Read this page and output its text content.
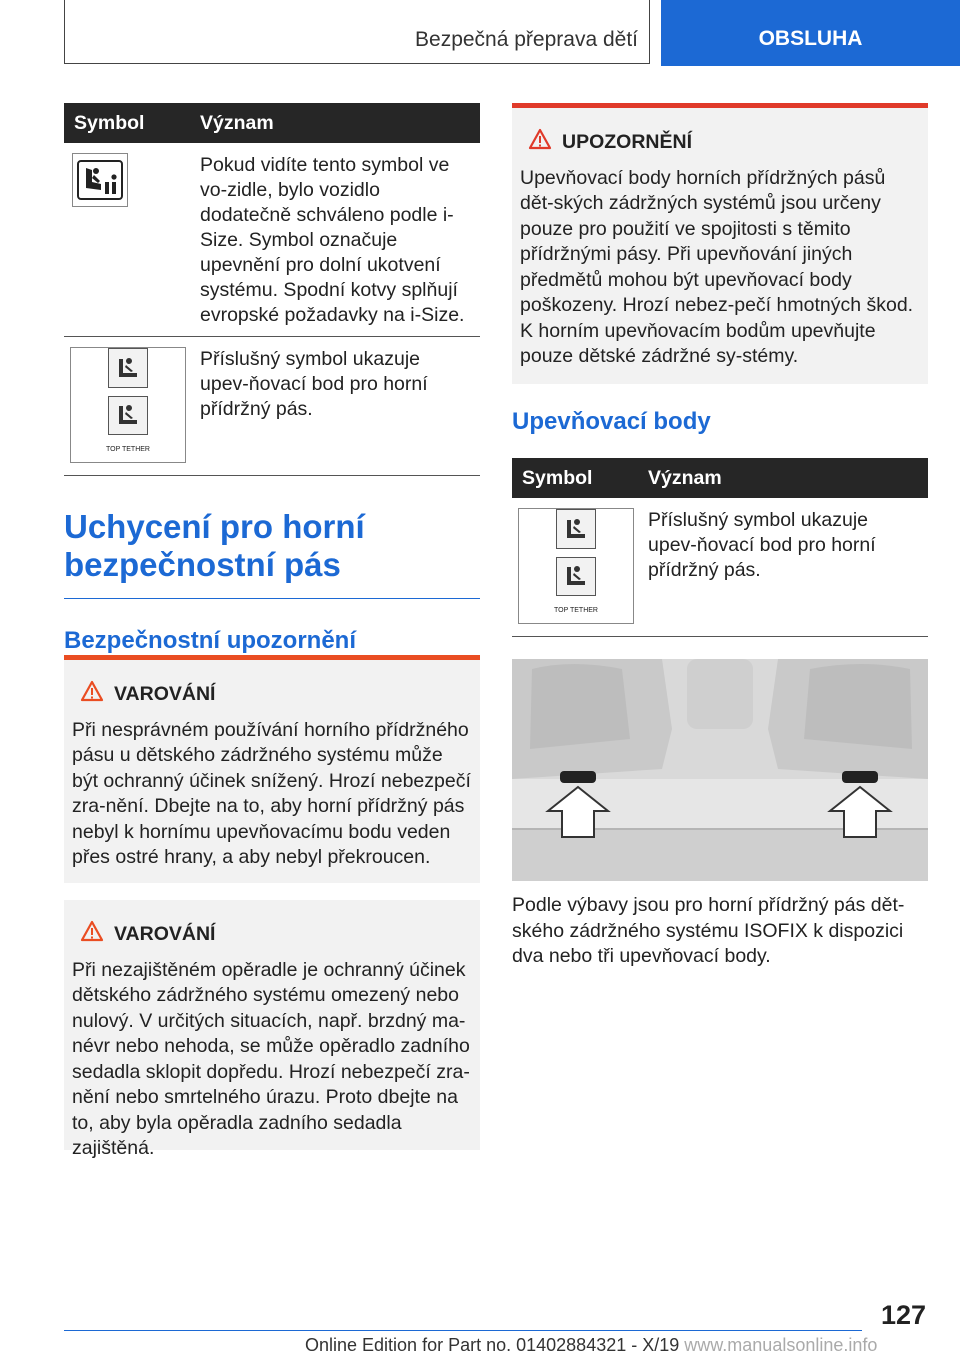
Bezpečná přeprava dětí	OBSLUHA
Symbol	Význam

	Pokud vidíte tento symbol ve vo-zidle, bylo vozidlo dodatečně schváleno podle i-Size. Symbol označuje upevnění pro dolní ukotvení systému. Spodní kotvy splňují evropské požadavky na i-Size.

TOP TETHER	Příslušný symbol ukazuje upev-ňovací bod pro horní přídržný pás.
Uchycení pro horní bezpečnostní pás
Bezpečnostní upozornění
VAROVÁNÍ
Při nesprávném používání horního přídržného pásu u dětského zádržného systému může být ochranný účinek snížený. Hrozí nebezpečí zra-nění. Dbejte na to, aby horní přídržný pás nebyl k hornímu upevňovacímu bodu veden přes ostré hrany, a aby nebyl překroucen.
VAROVÁNÍ
Při nezajištěném opěradle je ochranný účinek dětského zádržného systému omezený nebo nulový. V určitých situacích, např. brzdný ma-névr nebo nehoda, se může opěradlo zadního sedadla sklopit dopředu. Hrozí nebezpečí zra-nění nebo smrtelného úrazu. Proto dbejte na to, aby byla opěradla zadního sedadla zajištěná.
UPOZORNĚNÍ
Upevňovací body horních přídržných pásů dět-ských zádržných systémů jsou určeny pouze pro použití ve spojitosti s těmito přídržnými pásy. Při upevňování jiných předmětů mohou být upevňovací body poškozeny. Hrozí nebez-pečí hmotných škod. K horním upevňovacím bodům upevňujte pouze dětské zádržné sy-stémy.
Upevňovací body
Symbol	Význam

TOP TETHER	Příslušný symbol ukazuje upev-ňovací bod pro horní přídržný pás.
Podle výbavy jsou pro horní přídržný pás dět-ského zádržného systému ISOFIX k dispozici dva nebo tři upevňovací body.
127
Online Edition for Part no. 01402884321 - X/19 www.manualsonline.info
